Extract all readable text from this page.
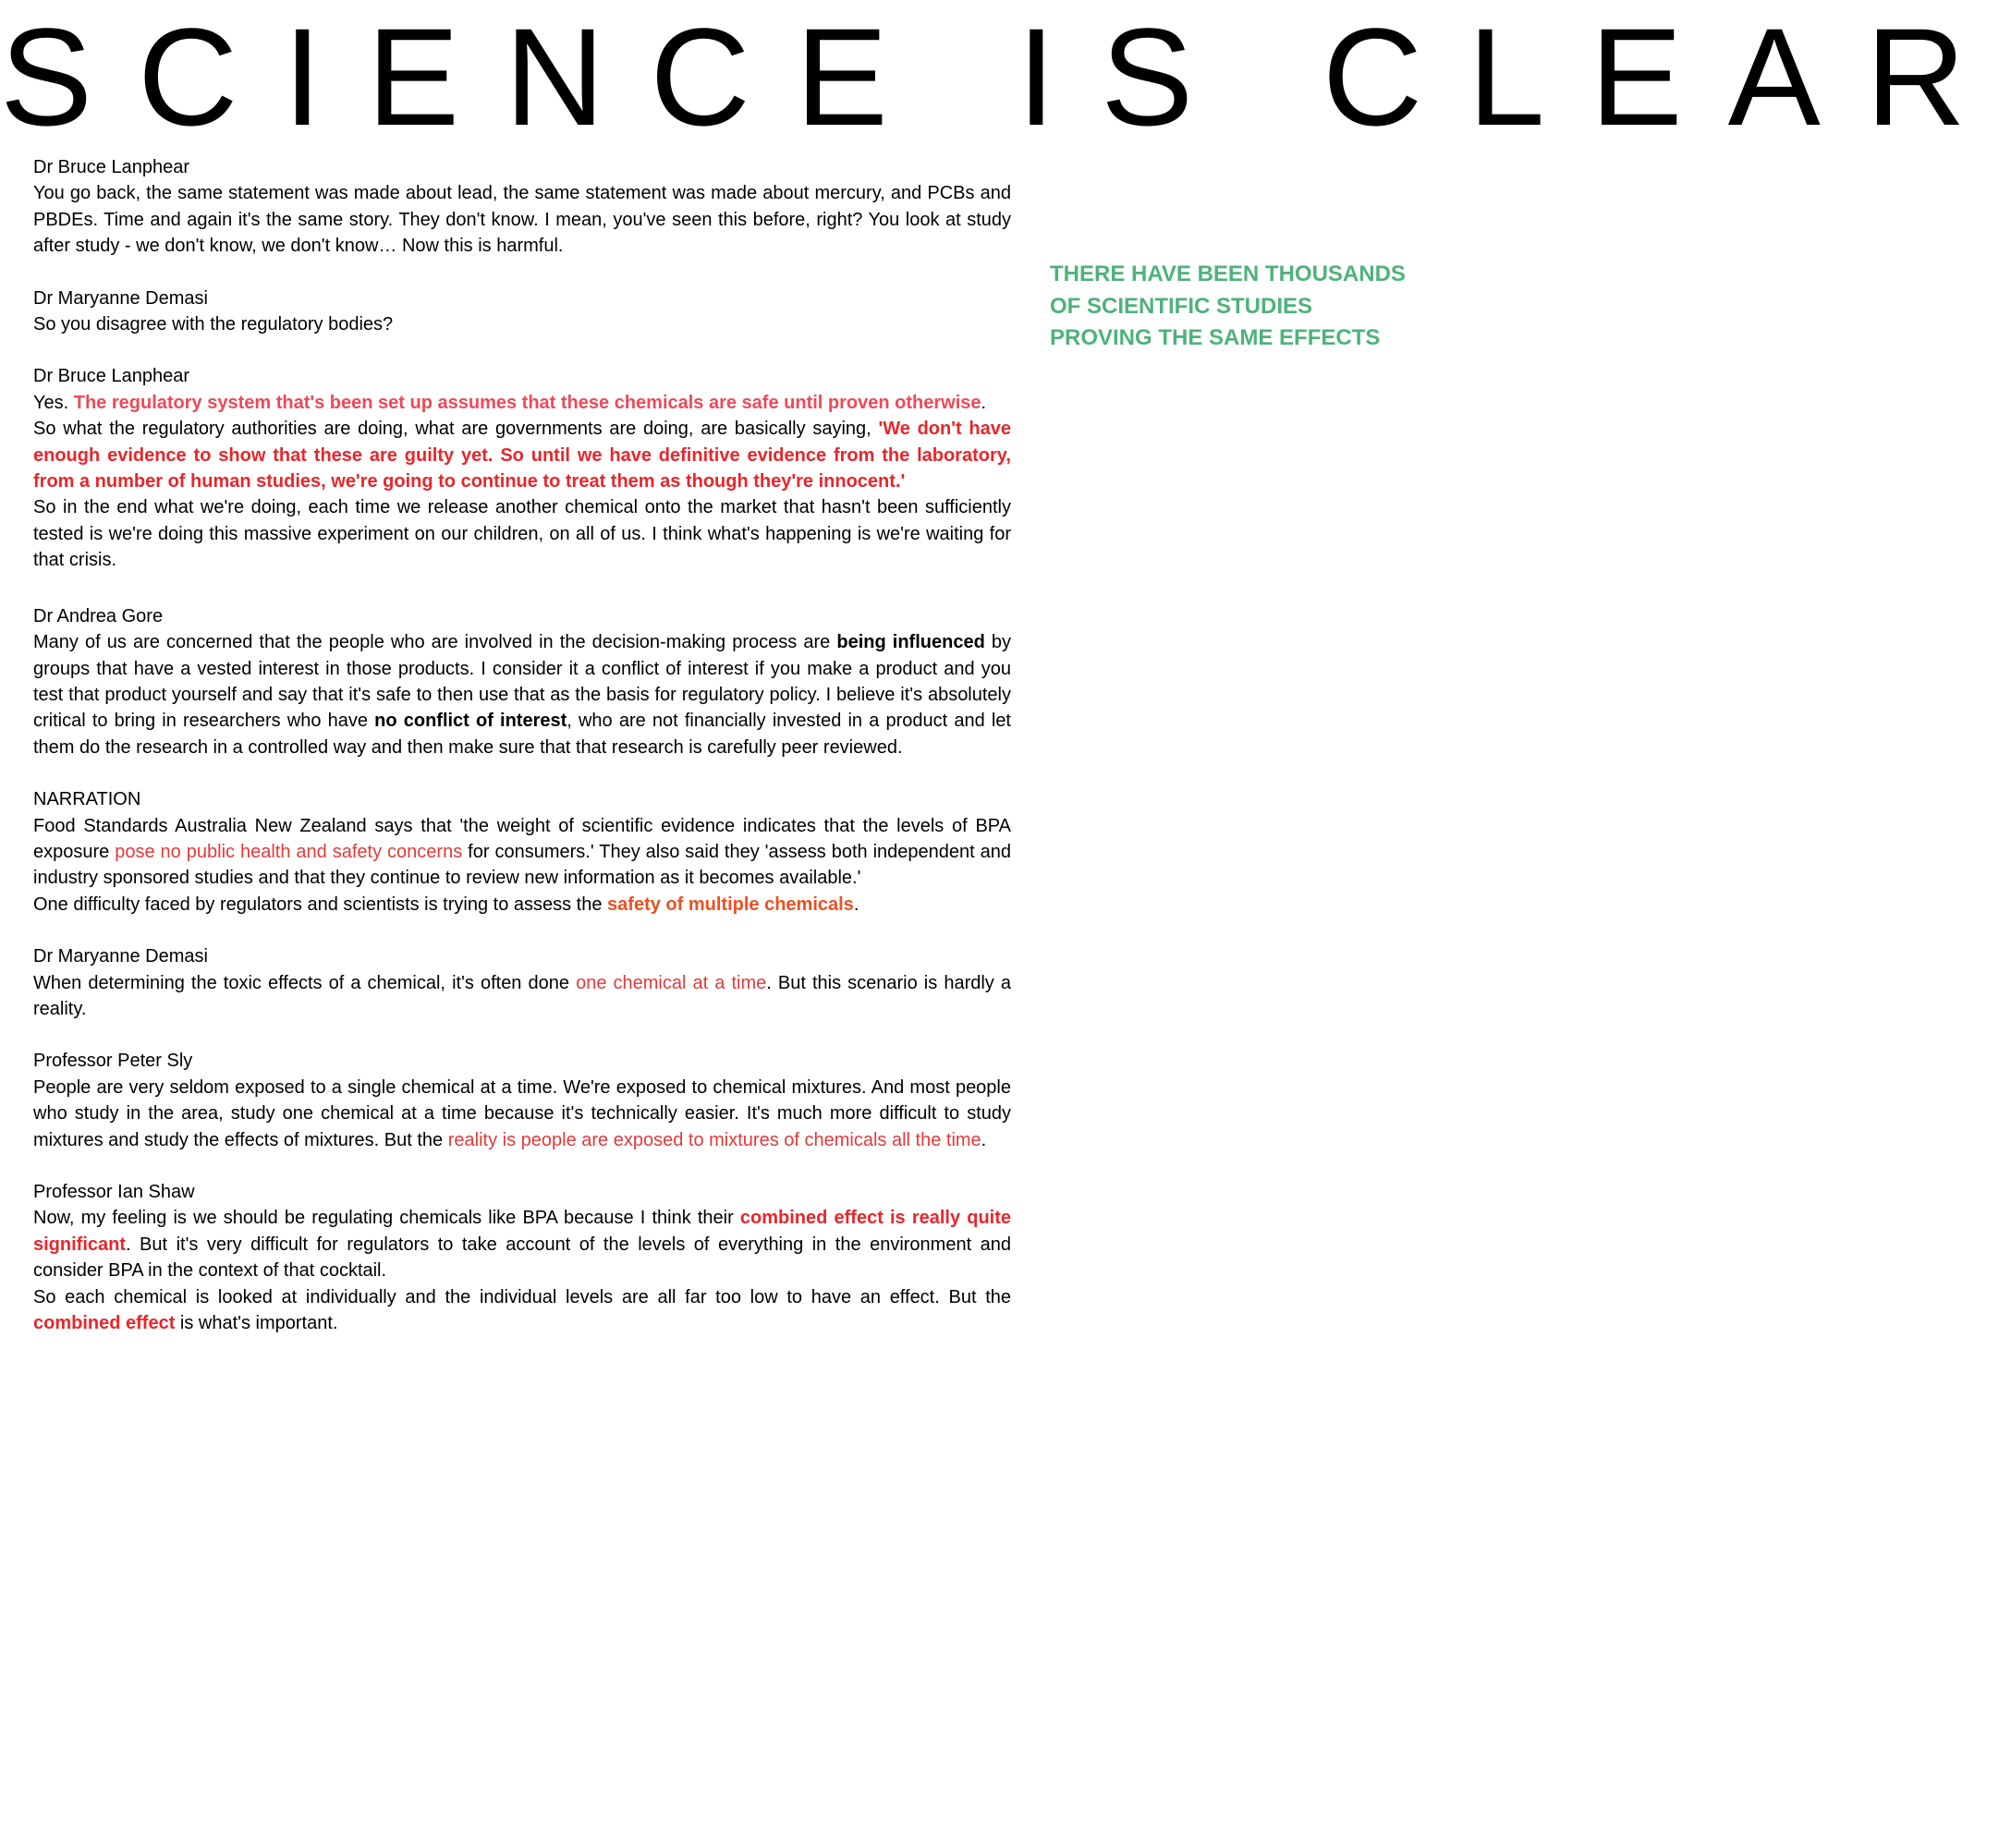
SCIENCE IS CLEAR
Dr Bruce Lanphear
You go back, the same statement was made about lead, the same statement was made about mercury, and PCBs and PBDEs. Time and again it's the same story. They don't know. I mean, you've seen this before, right? You look at study after study - we don't know, we don't know… Now this is harmful.
Dr Maryanne Demasi
So you disagree with the regulatory bodies?
Dr Bruce Lanphear
Yes. The regulatory system that's been set up assumes that these chemicals are safe until proven otherwise.
So what the regulatory authorities are doing, what are governments are doing, are basically saying, 'We don't have enough evidence to show that these are guilty yet. So until we have definitive evidence from the laboratory, from a number of human studies, we're going to continue to treat them as though they're innocent.'
So in the end what we're doing, each time we release another chemical onto the market that hasn't been sufficiently tested is we're doing this massive experiment on our children, on all of us. I think what's happening is we're waiting for that crisis.
Dr Andrea Gore
Many of us are concerned that the people who are involved in the decision-making process are being influenced by groups that have a vested interest in those products. I consider it a conflict of interest if you make a product and you test that product yourself and say that it's safe to then use that as the basis for regulatory policy. I believe it's absolutely critical to bring in researchers who have no conflict of interest, who are not financially invested in a product and let them do the research in a controlled way and then make sure that that research is carefully peer reviewed.
NARRATION
Food Standards Australia New Zealand says that 'the weight of scientific evidence indicates that the levels of BPA exposure pose no public health and safety concerns for consumers.' They also said they 'assess both independent and industry sponsored studies and that they continue to review new information as it becomes available.'
One difficulty faced by regulators and scientists is trying to assess the safety of multiple chemicals.
Dr Maryanne Demasi
When determining the toxic effects of a chemical, it's often done one chemical at a time. But this scenario is hardly a reality.
Professor Peter Sly
People are very seldom exposed to a single chemical at a time. We're exposed to chemical mixtures. And most people who study in the area, study one chemical at a time because it's technically easier. It's much more difficult to study mixtures and study the effects of mixtures. But the reality is people are exposed to mixtures of chemicals all the time.
Professor Ian Shaw
Now, my feeling is we should be regulating chemicals like BPA because I think their combined effect is really quite significant. But it's very difficult for regulators to take account of the levels of everything in the environment and consider BPA in the context of that cocktail.
So each chemical is looked at individually and the individual levels are all far too low to have an effect. But the combined effect is what's important.
THERE HAVE BEEN THOUSANDS
OF SCIENTIFIC STUDIES
PROVING THE SAME EFFECTS
